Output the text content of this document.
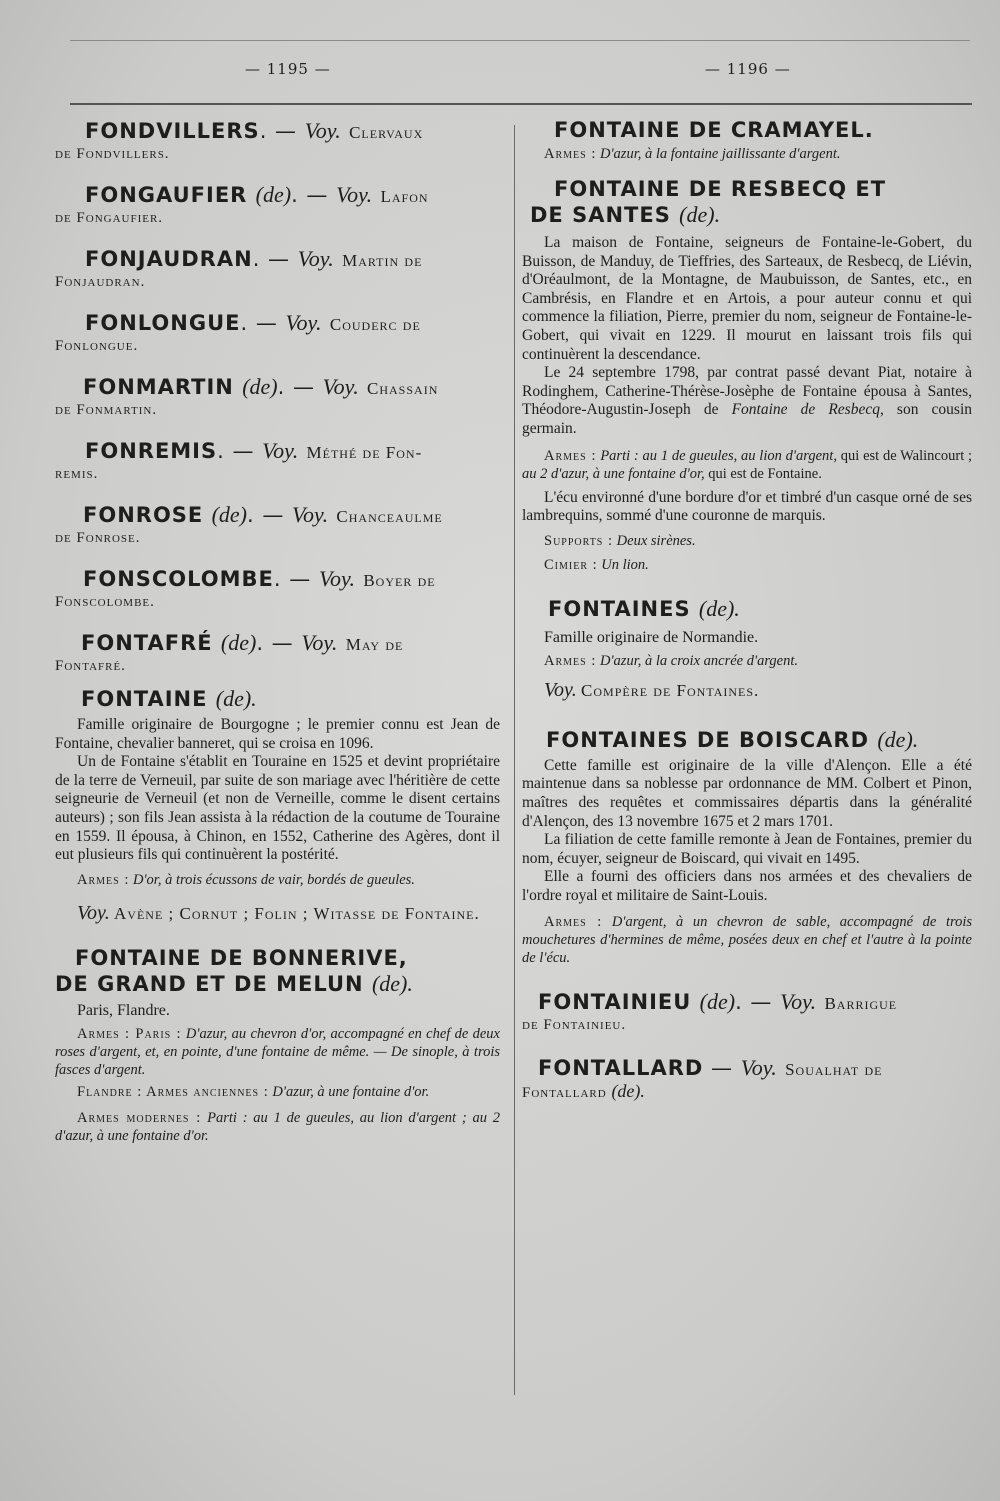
— 1195 —	— 1196 —

FONDVILLERS. — Voy. Clervaux

de Fondvillers.

FONGAUFIER (de). — Voy. Lafon

de Fongaufier.

FONJAUDRAN. — Voy. Martin de

Fonjaudran.

FONLONGUE. — Voy. Couderc de

Fonlongue.

FONMARTIN (de). — Voy. Chassain

de Fonmartin.

FONREMIS. — Voy. Méthé de Fon-

remis.

FONROSE (de). — Voy. Chanceaulme

de Fonrose.

FONSCOLOMBE. — Voy. Boyer de

Fonscolombe.

FONTAFRÉ (de). — Voy. May de

Fontafré.

FONTAINE (de).

Famille originaire de Bourgogne ; le premier connu est Jean de Fontaine, chevalier banneret, qui se croisa en 1096.

Un de Fontaine s'établit en Touraine en 1525 et devint propriétaire de la terre de Verneuil, par suite de son mariage avec l'héritière de cette seigneurie de Verneuil (et non de Verneille, comme le disent certains auteurs) ; son fils Jean assista à la rédaction de la coutume de Touraine en 1559. Il épousa, à Chinon, en 1552, Catherine des Agères, dont il eut plusieurs fils qui continuèrent la postérité.

Armes : D'or, à trois écussons de vair, bordés de gueules.

Voy. Avène ; Cornut ; Folin ; Witasse de Fontaine.

FONTAINE DE BONNERIVE,

DE GRAND ET DE MELUN (de).

Paris, Flandre.

Armes : Paris : D'azur, au chevron d'or, accompagné en chef de deux roses d'argent, et, en pointe, d'une fontaine de même. — De sinople, à trois fasces d'argent.

Flandre : Armes anciennes : D'azur, à une fontaine d'or.

Armes modernes : Parti : au 1 de gueules, au lion d'argent ; au 2 d'azur, à une fontaine d'or.

FONTAINE DE CRAMAYEL.

Armes : D'azur, à la fontaine jaillissante d'argent.

FONTAINE DE RESBECQ ET

DE SANTES (de).

La maison de Fontaine, seigneurs de Fontaine-le-Gobert, du Buisson, de Manduy, de Tieffries, des Sarteaux, de Resbecq, de Liévin, d'Oréaulmont, de la Montagne, de Maubuisson, de Santes, etc., en Cambrésis, en Flandre et en Artois, a pour auteur connu et qui commence la filiation, Pierre, premier du nom, seigneur de Fontaine-le-Gobert, qui vivait en 1229. Il mourut en laissant trois fils qui continuèrent la descendance.

Le 24 septembre 1798, par contrat passé devant Piat, notaire à Rodinghem, Catherine-Thérèse-Josèphe de Fontaine épousa à Santes, Théodore-Augustin-Joseph de Fontaine de Resbecq, son cousin germain.

Armes : Parti : au 1 de gueules, au lion d'argent, qui est de Walincourt ; au 2 d'azur, à une fontaine d'or, qui est de Fontaine.

L'écu environné d'une bordure d'or et timbré d'un casque orné de ses lambrequins, sommé d'une couronne de marquis.

Supports : Deux sirènes.

Cimier : Un lion.

FONTAINES (de).

Famille originaire de Normandie.

Armes : D'azur, à la croix ancrée d'argent.

Voy. Compère de Fontaines.

FONTAINES DE BOISCARD (de).

Cette famille est originaire de la ville d'Alençon. Elle a été maintenue dans sa noblesse par ordonnance de MM. Colbert et Pinon, maîtres des requêtes et commissaires départis dans la généralité d'Alençon, des 13 novembre 1675 et 2 mars 1701.

La filiation de cette famille remonte à Jean de Fontaines, premier du nom, écuyer, seigneur de Boiscard, qui vivait en 1495.

Elle a fourni des officiers dans nos armées et des chevaliers de l'ordre royal et militaire de Saint-Louis.

Armes : D'argent, à un chevron de sable, accompagné de trois mouchetures d'hermines de même, posées deux en chef et l'autre à la pointe de l'écu.

FONTAINIEU (de). — Voy. Barrigue

de Fontainieu.

FONTALLARD — Voy. Soualhat de

Fontallard (de).
